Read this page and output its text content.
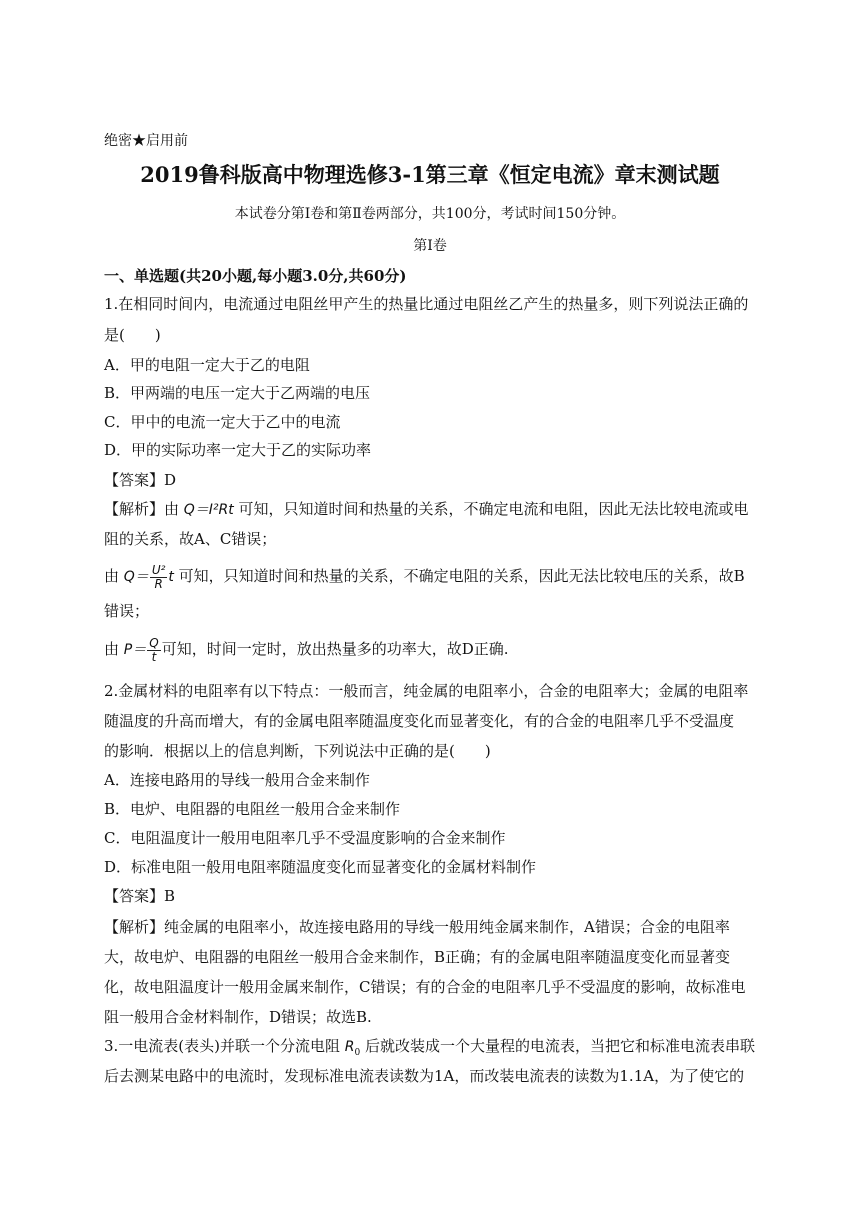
绝密★启用前
2019鲁科版高中物理选修3-1第三章《恒定电流》章末测试题
本试卷分第Ⅰ卷和第Ⅱ卷两部分，共100分，考试时间150分钟。
第Ⅰ卷
一、单选题(共20小题,每小题3.0分,共60分)
1.在相同时间内，电流通过电阻丝甲产生的热量比通过电阻丝乙产生的热量多，则下列说法正确的
是(　　)
A．甲的电阻一定大于乙的电阻
B．甲两端的电压一定大于乙两端的电压
C．甲中的电流一定大于乙中的电流
D．甲的实际功率一定大于乙的实际功率
【答案】D
【解析】由 Q＝I²Rt 可知，只知道时间和热量的关系，不确定电流和电阻，因此无法比较电流或电
阻的关系，故A、C错误；
由 $Q= \frac{\text{U²}}{R}$ t 可知，只知道时间和热量的关系，不确定电阻的关系，因此无法比较电压的关系，故B
错误；
由 $P= \frac{Q}{t}$ 可知，时间一定时，放出热量多的功率大，故D正确.
2.金属材料的电阻率有以下特点：一般而言，纯金属的电阻率小，合金的电阻率大；金属的电阻率
随温度的升高而增大，有的金属电阻率随温度变化而显著变化，有的合金的电阻率几乎不受温度
的影响．根据以上的信息判断，下列说法中正确的是(　　)
A．连接电路用的导线一般用合金来制作
B．电炉、电阻器的电阻丝一般用合金来制作
C．电阻温度计一般用电阻率几乎不受温度影响的合金来制作
D．标准电阻一般用电阻率随温度变化而显著变化的金属材料制作
【答案】B
【解析】纯金属的电阻率小，故连接电路用的导线一般用纯金属来制作，A错误；合金的电阻率
大，故电炉、电阻器的电阻丝一般用合金来制作，B正确；有的金属电阻率随温度变化而显著变
化，故电阻温度计一般用金属来制作，C错误；有的合金的电阻率几乎不受温度的影响，故标准电
阻一般用合金材料制作，D错误；故选B.
3.一电流表(表头)并联一个分流电阻 $R_0$ 后就改装成一个大量程的电流表，当把它和标准电流表串联
后去测某电路中的电流时，发现标准电流表读数为1A，而改装电流表的读数为1.1A，为了使它的
